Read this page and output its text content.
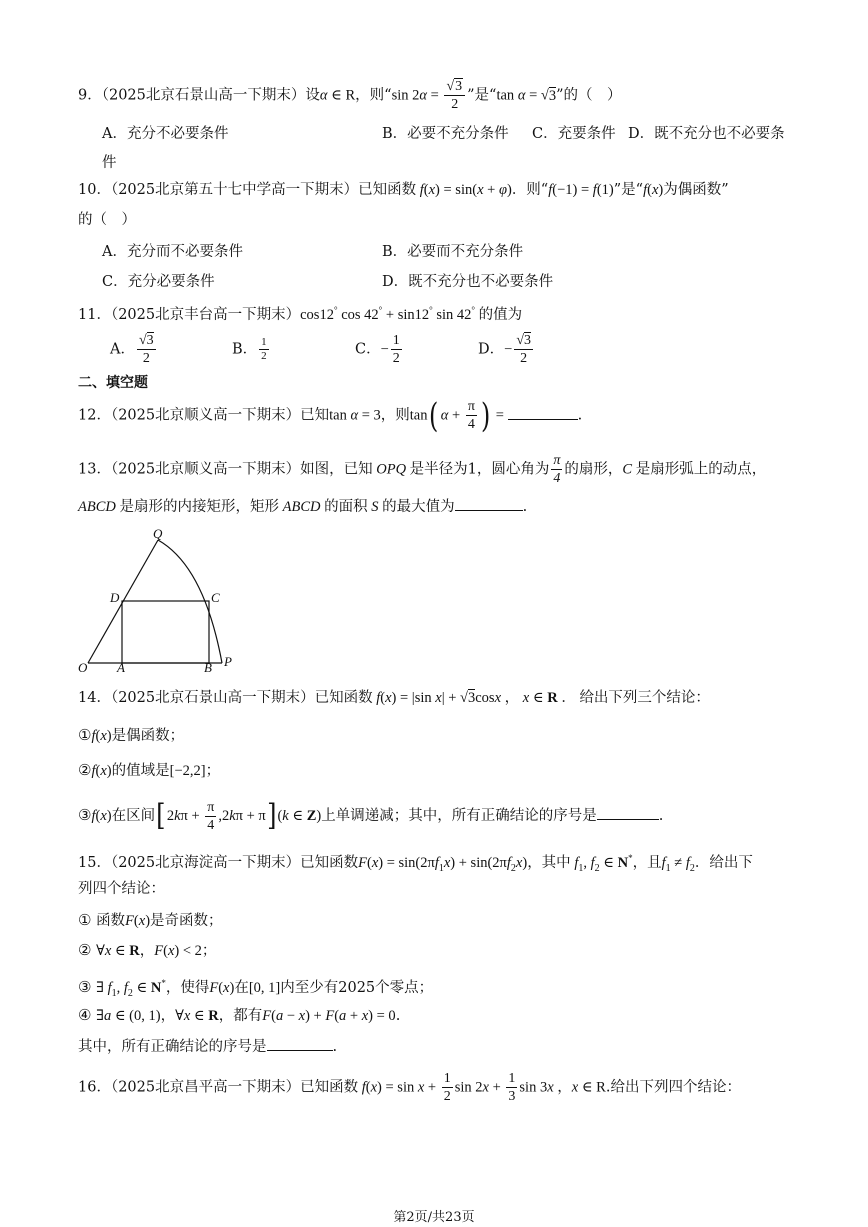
9．（2025北京石景山高一下期末）设α ∈ R，则“sin $2\alpha = \frac{√3}{2}$ ”是“tan α = √3”的（　）
A．充分不必要条件	B．必要不充分条件 C．充要条件 D．既不充分也不必要条
件
10．（2025北京第五十七中学高一下期末）已知函数 f(x) = sin(x + φ)．则“f(−1) = f(1)”是“f(x)为偶函数”
的（　）
A．充分而不必要条件	B．必要而不充分条件
C．充分必要条件	D．既不充分也不必要条件
11．（2025北京丰台高一下期末）cos12° cos 42° + sin12° sin 42° 的值为
A． $\frac{√3}{2}$	B． $\frac{1}{2}$	C．− $\frac{1}{2}$	D．− $\frac{√3}{2}$
二、填空题
12．（2025北京顺义高一下期末）已知tan α = 3，则tan( $\alpha + \frac{\pi}{4}$ ) =	.
13．（2025北京顺义高一下期末）如图，已知 OPQ 是半径为1，圆心角为 $\frac{\pi}{4}$ 的扇形，C 是扇形弧上的动点，
ABCD 是扇形的内接矩形，矩形 ABCD 的面积 S 的最大值为	.
Q
D	C
O A	B P
14．（2025北京石景山高一下期末）已知函数 f(x) = |sin x| + √3cosx ， x ∈ R ． 给出下列三个结论：
①f(x)是偶函数；
②f(x)的值域是[−2,2]；
③f(x)在区间$[2k\pi + \frac{\pi}{4} ,2k\pi + \pi](k$ ∈ Z)上单调递减；其中，所有正确结论的序号是	.
15．（2025北京海淀高一下期末）已知函数$F(x) = \sin(2\pi f_1x) + \sin(2\pi f_2x)$，其中 $f_1$, $f_2$ ∈ N*，且$f_1 \ne f_2$．给出下
列四个结论：
① 函数F(x)是奇函数；
② ∀x ∈ R，F(x) < 2；
③ ∃ $f_1$, $f_2$ ∈ N*，使得F(x)在[0, 1]内至少有2025个零点；
④ ∃a ∈ (0, 1)，∀x ∈ R，都有F(a − x) + F(a + x) = 0.
其中，所有正确结论的序号是	.
16．（2025北京昌平高一下期末）已知函数 $f(x) = \sin x + \frac{1}{2}$ $\sin 2x + \frac{1}{3}$ sin 3x ，x ∈ R.给出下列四个结论：
第2页/共23页
